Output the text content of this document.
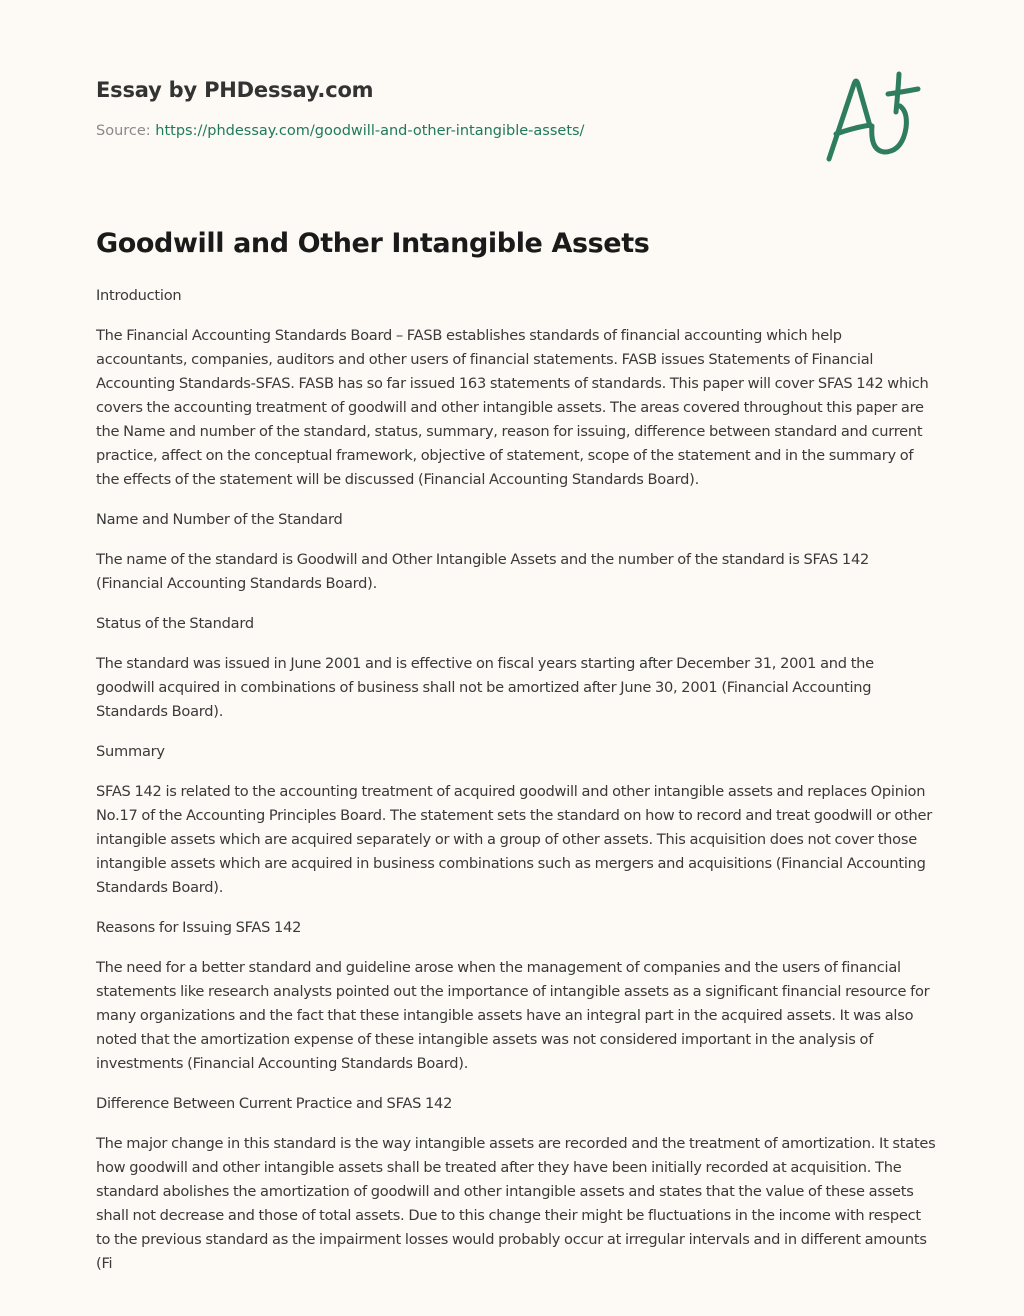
Essay by PHDessay.com
Source: https://phdessay.com/goodwill-and-other-intangible-assets/
Goodwill and Other Intangible Assets

Introduction

The Financial Accounting Standards Board – FASB establishes standards of financial accounting which help accountants, companies, auditors and other users of financial statements. FASB issues Statements of Financial Accounting Standards-SFAS. FASB has so far issued 163 statements of standards. This paper will cover SFAS 142 which covers the accounting treatment of goodwill and other intangible assets. The areas covered throughout this paper are the Name and number of the standard, status, summary, reason for issuing, difference between standard and current practice, affect on the conceptual framework, objective of statement, scope of the statement and in the summary of the effects of the statement will be discussed (Financial Accounting Standards Board).

Name and Number of the Standard

The name of the standard is Goodwill and Other Intangible Assets and the number of the standard is SFAS 142 (Financial Accounting Standards Board).

Status of the Standard

The standard was issued in June 2001 and is effective on fiscal years starting after December 31, 2001 and the goodwill acquired in combinations of business shall not be amortized after June 30, 2001 (Financial Accounting Standards Board).

Summary

SFAS 142 is related to the accounting treatment of acquired goodwill and other intangible assets and replaces Opinion No.17 of the Accounting Principles Board. The statement sets the standard on how to record and treat goodwill or other intangible assets which are acquired separately or with a group of other assets. This acquisition does not cover those intangible assets which are acquired in business combinations such as mergers and acquisitions (Financial Accounting Standards Board).

Reasons for Issuing SFAS 142

The need for a better standard and guideline arose when the management of companies and the users of financial statements like research analysts pointed out the importance of intangible assets as a significant financial resource for many organizations and the fact that these intangible assets have an integral part in the acquired assets. It was also noted that the amortization expense of these intangible assets was not considered important in the analysis of investments (Financial Accounting Standards Board).

Difference Between Current Practice and SFAS 142

The major change in this standard is the way intangible assets are recorded and the treatment of amortization. It states how goodwill and other intangible assets shall be treated after they have been initially recorded at acquisition. The standard abolishes the amortization of goodwill and other intangible assets and states that the value of these assets shall not decrease and those of total assets. Due to this change their might be fluctuations in the income with respect to the previous standard as the impairment losses would probably occur at irregular intervals and in different amounts (Fi
